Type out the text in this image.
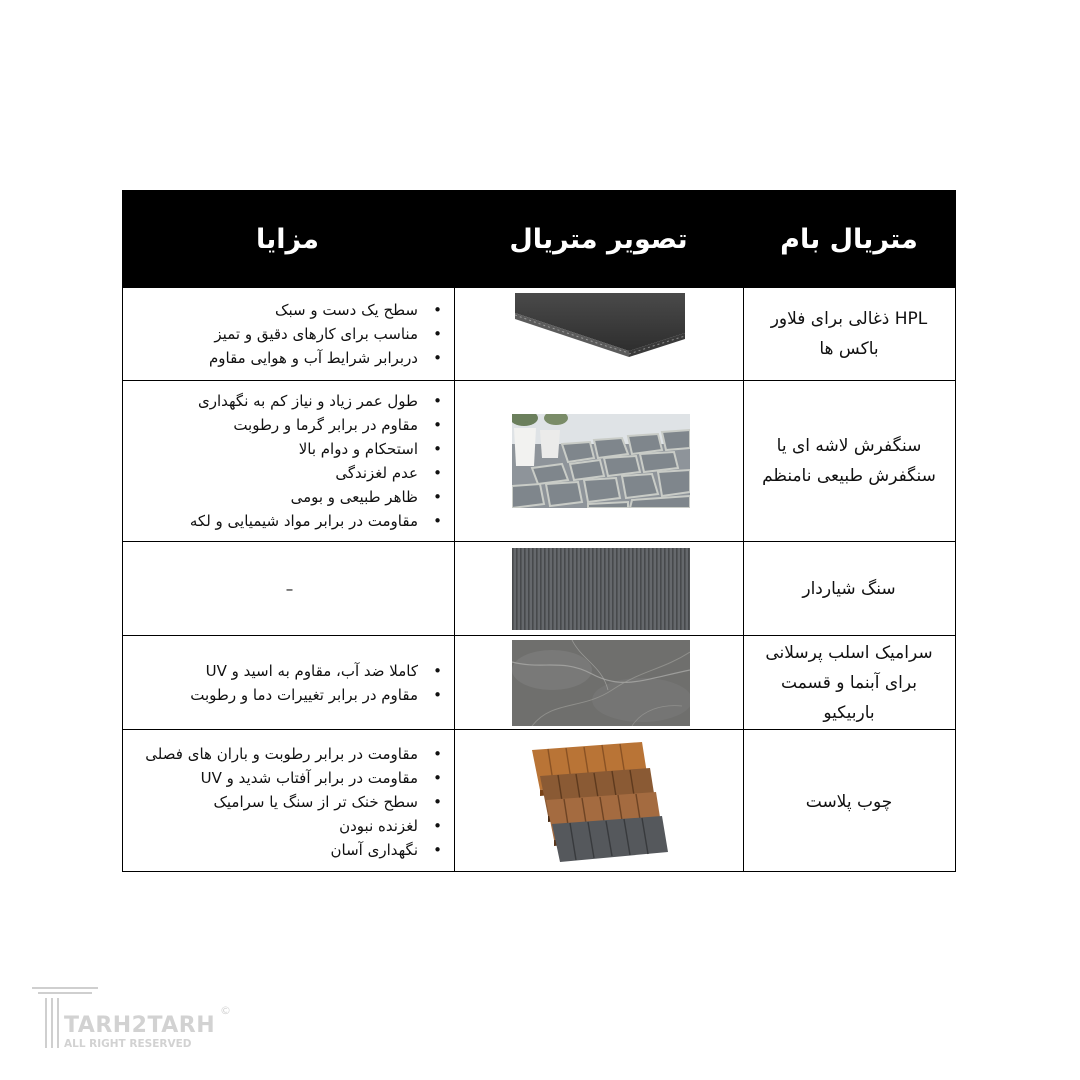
متریال بام
تصویر متریال
مزایا
HPL ذغالی برای فلاور باکس ها
• سطح یک دست و سبک
• مناسب برای کارهای دقیق و تمیز
• دربرابر شرایط آب و هوایی مقاوم
سنگفرش لاشه ای یا سنگفرش طبیعی نامنظم
• طول عمر زیاد و نیاز کم به نگهداری
• مقاوم در برابر گرما و رطوبت
• استحکام و دوام بالا
• عدم لغزندگی
• ظاهر طبیعی و بومی
• مقاومت در برابر مواد شیمیایی و لکه
سنگ شیاردار
–
سرامیک اسلب پرسلانی برای آبنما و قسمت باربیکیو
• کاملا ضد آب، مقاوم به اسید و UV
• مقاوم در برابر تغییرات دما و رطوبت
چوب پلاست
• مقاومت در برابر رطوبت و باران های فصلی
• مقاومت در برابر آفتاب شدید و UV
• سطح خنک تر از سنگ یا سرامیک
• لغزنده نبودن
• نگهداری آسان
TARH2TARH
ALL RIGHT RESERVED
©
